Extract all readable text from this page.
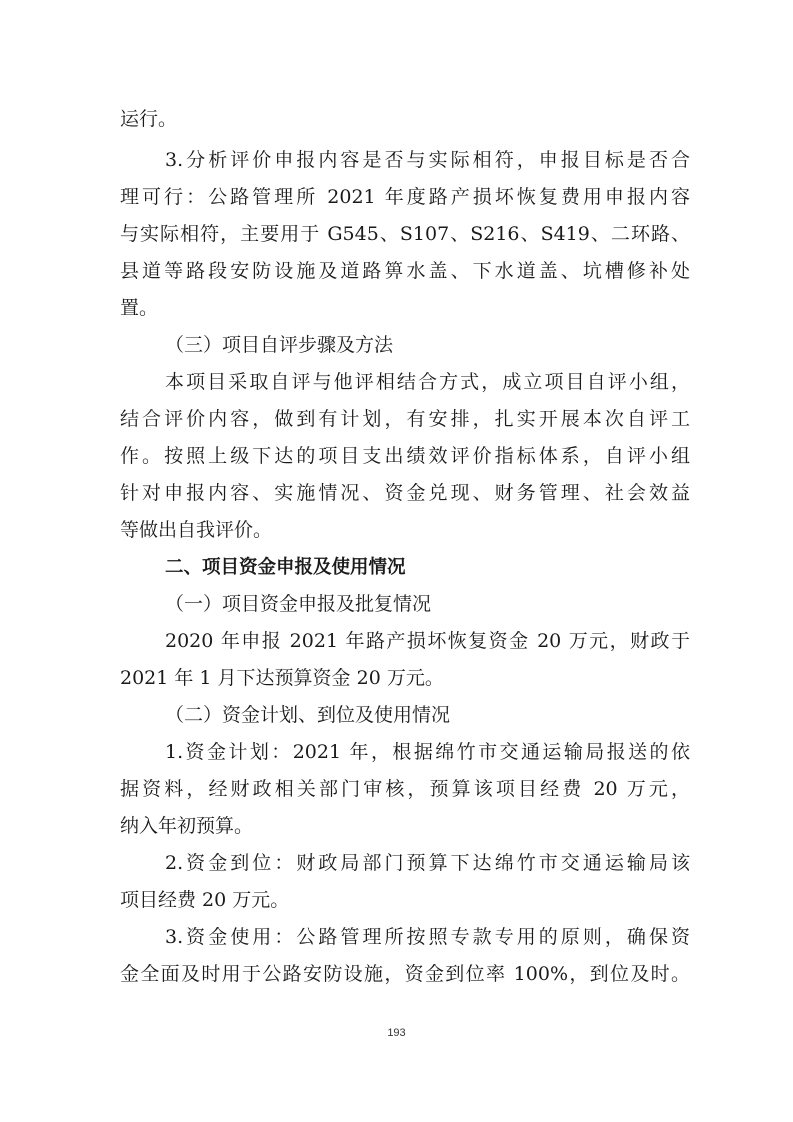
运行。
3.分析评价申报内容是否与实际相符，申报目标是否合
理可行：公路管理所 2021 年度路产损坏恢复费用申报内容
与实际相符，主要用于 G545、S107、S216、S419、二环路、
县道等路段安防设施及道路箅水盖、下水道盖、坑槽修补处
置。
（三）项目自评步骤及方法
本项目采取自评与他评相结合方式，成立项目自评小组，
结合评价内容，做到有计划，有安排，扎实开展本次自评工
作。按照上级下达的项目支出绩效评价指标体系，自评小组
针对申报内容、实施情况、资金兑现、财务管理、社会效益
等做出自我评价。
二、项目资金申报及使用情况
（一）项目资金申报及批复情况
2020 年申报 2021 年路产损坏恢复资金 20 万元，财政于
2021 年 1 月下达预算资金 20 万元。
（二）资金计划、到位及使用情况
1.资金计划：2021 年，根据绵竹市交通运输局报送的依
据资料，经财政相关部门审核，预算该项目经费 20 万元，
纳入年初预算。
2.资金到位：财政局部门预算下达绵竹市交通运输局该
项目经费 20 万元。
3.资金使用：公路管理所按照专款专用的原则，确保资
金全面及时用于公路安防设施，资金到位率 100%，到位及时。
193
